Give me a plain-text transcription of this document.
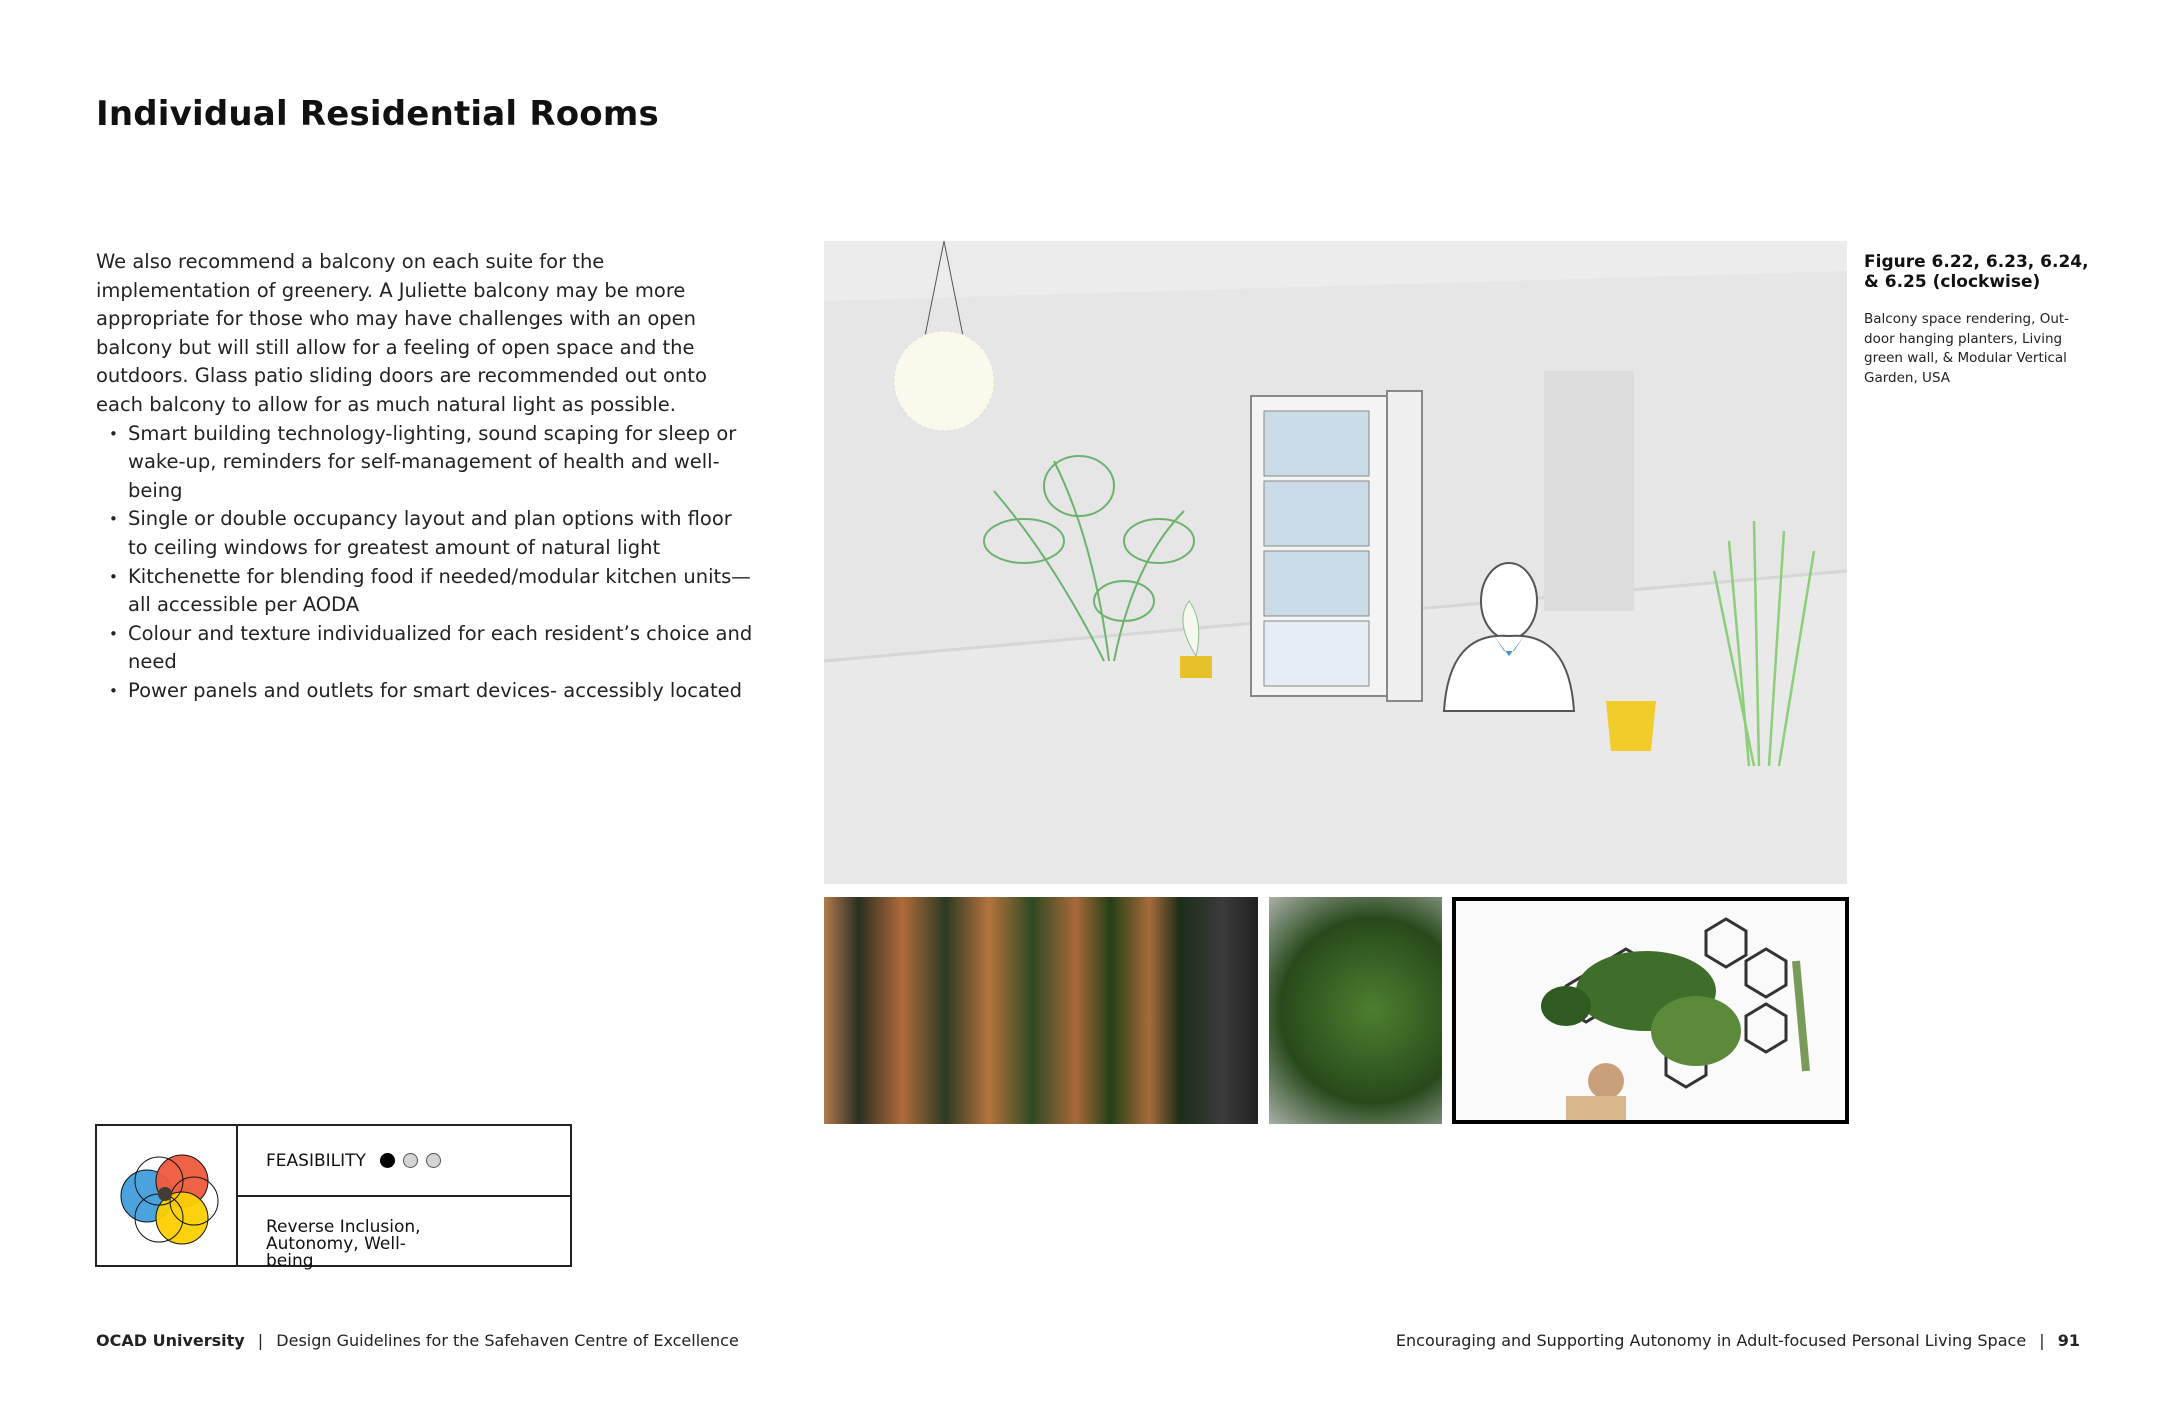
Individual Residential Rooms

We also recommend a balcony on each suite for the implementation of greenery. A Juliette balcony may be more appropriate for those who may have challenges with an open balcony but will still allow for a feeling of open space and the outdoors. Glass patio sliding doors are recommended out onto each balcony to allow for as much natural light as possible.

• Smart building technology-lighting, sound scaping for sleep or wake-up, reminders for self-management of health and well-being
• Single or double occupancy layout and plan options with floor to ceiling windows for greatest amount of natural light
• Kitchenette for blending food if needed/modular kitchen units—all accessible per AODA
• Colour and texture individualized for each resident’s choice and need
• Power panels and outlets for smart devices- accessibly located
Figure 6.22, 6.23, 6.24, & 6.25 (clockwise)
Balcony space rendering, Out-door hanging planters, Living green wall, & Modular Vertical Garden, USA
FEASIBILITY
Reverse Inclusion, Autonomy, Well-being
OCAD University | Design Guidelines for the Safehaven Centre of Excellence	Encouraging and Supporting Autonomy in Adult-focused Personal Living Space | 91
